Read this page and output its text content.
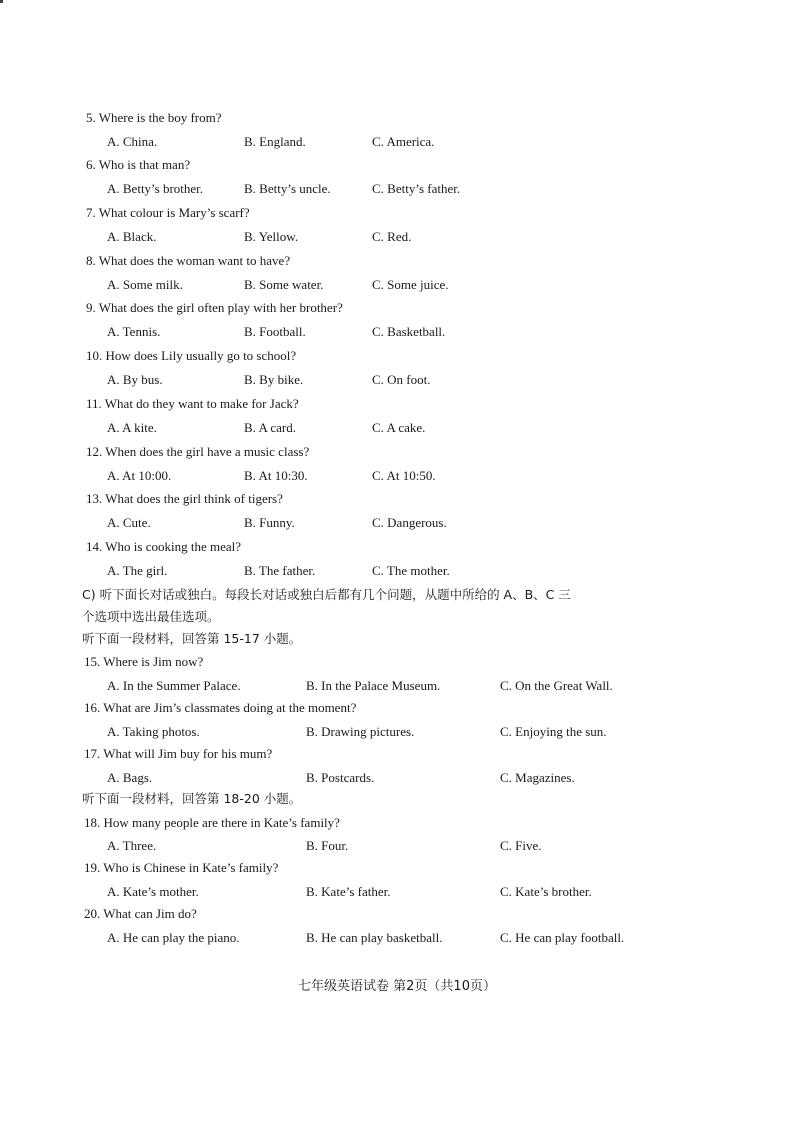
5. Where is the boy from?
A. China.	B. England.	C. America.
6. Who is that man?
A. Betty’s brother.	B. Betty’s uncle.	C. Betty’s father.
7. What colour is Mary’s scarf?
A. Black.	B. Yellow.	C. Red.
8. What does the woman want to have?
A. Some milk.	B. Some water.	C. Some juice.
9. What does the girl often play with her brother?
A. Tennis.	B. Football.	C. Basketball.
10. How does Lily usually go to school?
A. By bus.	B. By bike.	C. On foot.
11. What do they want to make for Jack?
A. A kite.	B. A card.	C. A cake.
12. When does the girl have a music class?
A. At 10:00.	B. At 10:30.	C. At 10:50.
13. What does the girl think of tigers?
A. Cute.	B. Funny.	C. Dangerous.
14. Who is cooking the meal?
A. The girl.	B. The father.	C. The mother.
C) 听下面长对话或独白。每段长对话或独白后都有几个问题，从题中所给的 A、B、C 三
个选项中选出最佳选项。
听下面一段材料，回答第 15-17 小题。
15. Where is Jim now?
A. In the Summer Palace.	B. In the Palace Museum.	C. On the Great Wall.
16. What are Jim’s classmates doing at the moment?
A. Taking photos.	B. Drawing pictures.	C. Enjoying the sun.
17. What will Jim buy for his mum?
A. Bags.	B. Postcards.	C. Magazines.
听下面一段材料，回答第 18-20 小题。
18. How many people are there in Kate’s family?
A. Three.	B. Four.	C. Five.
19. Who is Chinese in Kate’s family?
A. Kate’s mother.	B. Kate’s father.	C. Kate’s brother.
20. What can Jim do?
A. He can play the piano.	B. He can play basketball.	C. He can play football.
七年级英语试卷 第2页（共10页）
